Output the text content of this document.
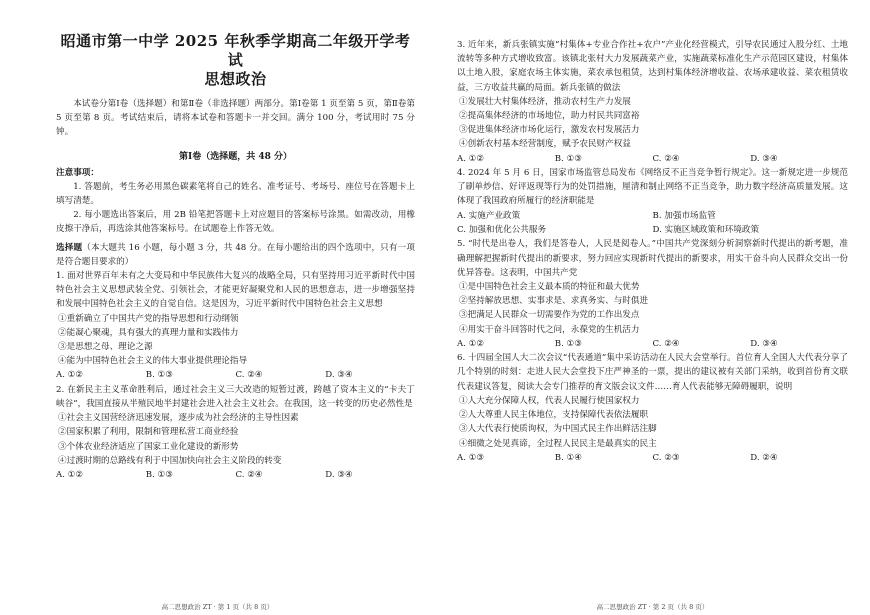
昭通市第一中学 2025 年秋季学期高二年级开学考试
思想政治

本试卷分第Ⅰ卷（选择题）和第Ⅱ卷（非选择题）两部分。第Ⅰ卷第 1 页至第 5 页，第Ⅱ卷第 5 页至第 8 页。考试结束后，请将本试卷和答题卡一并交回。满分 100 分，考试用时 75 分钟。

第Ⅰ卷（选择题，共 48 分）
注意事项：

1. 答题前，考生务必用黑色碳素笔将自己的姓名、准考证号、考场号、座位号在答题卡上填写清楚。

2. 每小题选出答案后，用 2B 铅笔把答题卡上对应题目的答案标号涂黑。如需改动，用橡皮擦干净后，再选涂其他答案标号。在试题卷上作答无效。

选择题（本大题共 16 小题，每小题 3 分，共 48 分。在每小题给出的四个选项中，只有一项是符合题目要求的）

1. 面对世界百年未有之大变局和中华民族伟大复兴的战略全局，只有坚持用习近平新时代中国特色社会主义思想武装全党、引领社会，才能更好凝聚党和人民的思想意志，进一步增强坚持和发展中国特色社会主义的自觉自信。这是因为，习近平新时代中国特色社会主义思想

①重新确立了中国共产党的指导思想和行动纲领

②能凝心聚魂，具有强大的真理力量和实践伟力

③是思想之母、理论之源

④能为中国特色社会主义的伟大事业提供理论指导

A. ①②	B. ①③	C. ②④	D. ③④

2. 在新民主主义革命胜利后，通过社会主义三大改造的短暂过渡，跨越了资本主义的“卡夫丁峡谷”，我国直接从半殖民地半封建社会进入社会主义社会。在我国，这一转变的历史必然性是

①社会主义国营经济迅速发展，逐步成为社会经济的主导性因素

②国家积累了利用，限制和管理私营工商业经验

③个体农业经济适应了国家工业化建设的新形势

④过渡时期的总路线有利于中国加快向社会主义阶段的转变

A. ①②	B. ①③	C. ②④	D. ③④
高二思想政治 ZT · 第 1 页（共 8 页）

3. 近年来，新兵张镇实施“村集体+专业合作社+农户”产业化经营模式，引导农民通过入股分红、土地流转等多种方式增收致富。该镇北张村大力发展蔬菜产业，实施蔬菜标准化生产示范园区建设，村集体以土地入股，家庭农场主体实施，菜农承包租赁，达到村集体经济增收益、农场承建收益、菜农租赁收益，三方收益共赢的局面。新兵张镇的做法

①发展壮大村集体经济，推动农村生产力发展

②提高集体经济的市场地位，助力村民共同富裕

③促进集体经济市场化运行，激发农村发展活力

④创新农村基本经营制度，赋予农民财产权益

A. ①②	B. ①③	C. ②④	D. ③④

4. 2024 年 5 月 6 日，国家市场监管总局发布《网络反不正当竞争暂行规定》。这一新规定进一步规范了刷单炒信、好评返现等行为的处罚措施，厘清和制止网络不正当竞争，助力数字经济高质量发展。这体现了我国政府所履行的经济职能是

A. 实施产业政策	B. 加强市场监管
C. 加强和优化公共服务	D. 实施区域政策和环境政策

5. “时代是出卷人，我们是答卷人，人民是阅卷人。”中国共产党深刻分析洞察新时代提出的新考题，准确理解把握新时代提出的新要求，努力回应实现新时代提出的新要求，用实干奋斗向人民群众交出一份优异答卷。这表明，中国共产党

①是中国特色社会主义最本质的特征和最大优势

②坚持解放思想、实事求是、求真务实、与时俱进

③把满足人民群众一切需要作为党的工作出发点

④用实干奋斗回答时代之问，永葆党的生机活力

A. ①②	B. ①③	C. ②④	D. ③④

6. 十四届全国人大二次会议“代表通道”集中采访活动在人民大会堂举行。首位育人全国人大代表分享了几个特别的时刻：走进人民大会堂投下庄严神圣的一票，提出的建议被有关部门采纳，收到首份育文联代表建议答复，阅读大会专门推荐的育文版会议文件……育人代表能够无障碍履职，说明

①人大充分保障人权，代表人民履行使国家权力

②人大尊重人民主体地位，支持保障代表依法履职

③人大代表行使质询权，为中国式民主作出鲜活注脚

④细微之处见真谛，全过程人民民主是最真实的民主

A. ①③	B. ①④	C. ②③	D. ②④
高二思想政治 ZT · 第 2 页（共 8 页）
